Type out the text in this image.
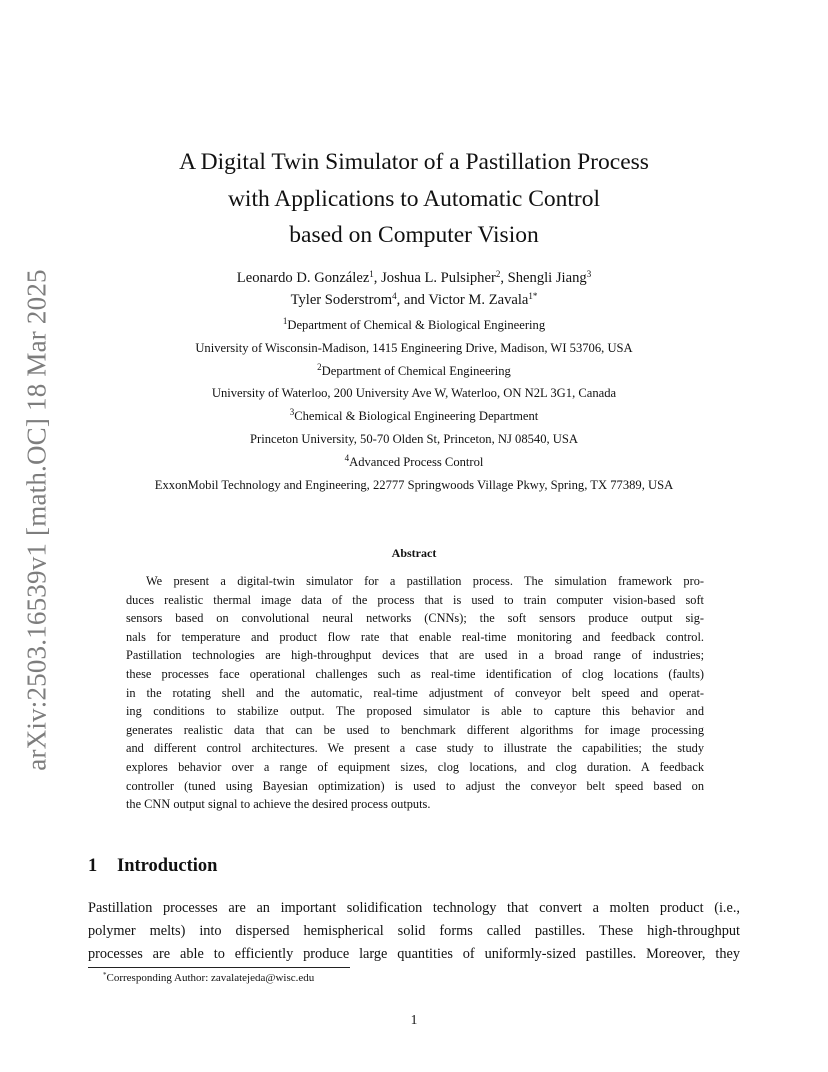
arXiv:2503.16539v1 [math.OC] 18 Mar 2025
A Digital Twin Simulator of a Pastillation Process
with Applications to Automatic Control
based on Computer Vision
Leonardo D. González$^1$, Joshua L. Pulsipher$^2$, Shengli Jiang$^3$
Tyler Soderstrom$^4$, and Victor M. Zavala$^{1*}$
$^1$Department of Chemical & Biological Engineering
University of Wisconsin-Madison, 1415 Engineering Drive, Madison, WI 53706, USA
$^2$Department of Chemical Engineering
University of Waterloo, 200 University Ave W, Waterloo, ON N2L 3G1, Canada
$^3$Chemical & Biological Engineering Department
Princeton University, 50-70 Olden St, Princeton, NJ 08540, USA
$^4$Advanced Process Control
ExxonMobil Technology and Engineering, 22777 Springwoods Village Pkwy, Spring, TX 77389, USA
Abstract
We present a digital-twin simulator for a pastillation process. The simulation framework pro-
duces realistic thermal image data of the process that is used to train computer vision-based soft
sensors based on convolutional neural networks (CNNs); the soft sensors produce output sig-
nals for temperature and product flow rate that enable real-time monitoring and feedback control.
Pastillation technologies are high-throughput devices that are used in a broad range of industries;
these processes face operational challenges such as real-time identification of clog locations (faults)
in the rotating shell and the automatic, real-time adjustment of conveyor belt speed and operat-
ing conditions to stabilize output. The proposed simulator is able to capture this behavior and
generates realistic data that can be used to benchmark different algorithms for image processing
and different control architectures. We present a case study to illustrate the capabilities; the study
explores behavior over a range of equipment sizes, clog locations, and clog duration. A feedback
controller (tuned using Bayesian optimization) is used to adjust the conveyor belt speed based on
the CNN output signal to achieve the desired process outputs.
1 Introduction
Pastillation processes are an important solidification technology that convert a molten product (i.e.,
polymer melts) into dispersed hemispherical solid forms called pastilles. These high-throughput
processes are able to efficiently produce large quantities of uniformly-sized pastilles. Moreover, they
*Corresponding Author: zavalatejeda@wisc.edu
1
